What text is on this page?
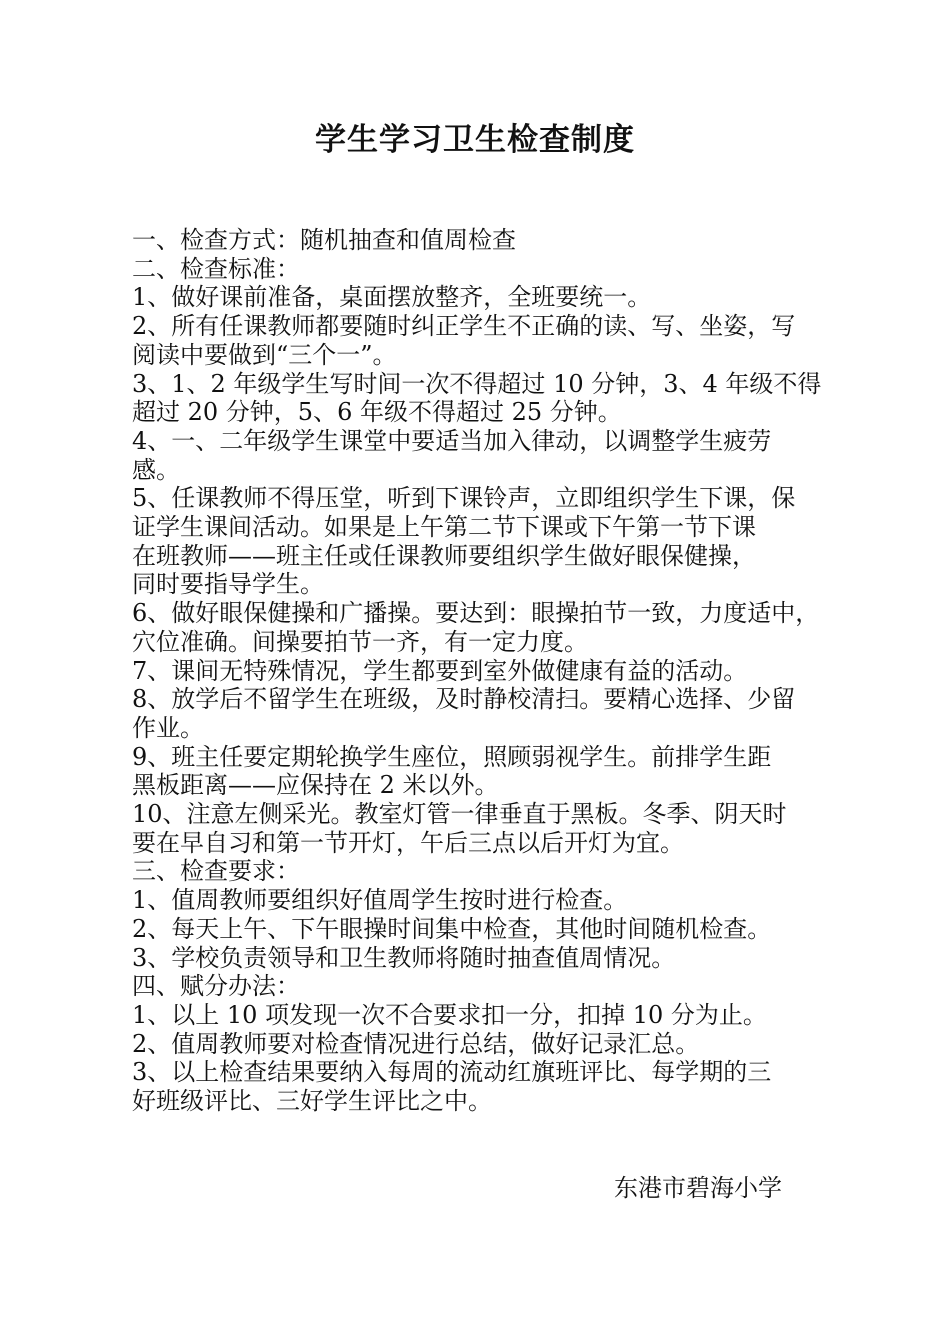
学生学习卫生检查制度
一、检查方式：随机抽查和值周检查
二、检查标准：
1、做好课前准备，桌面摆放整齐，全班要统一。
2、所有任课教师都要随时纠正学生不正确的读、写、坐姿，写
阅读中要做到“三个一”。
3、1、2 年级学生写时间一次不得超过 10 分钟，3、4 年级不得
超过 20 分钟，5、6 年级不得超过 25 分钟。
4、一、二年级学生课堂中要适当加入律动，以调整学生疲劳
感。
5、任课教师不得压堂，听到下课铃声，立即组织学生下课，保
证学生课间活动。如果是上午第二节下课或下午第一节下课
在班教师——班主任或任课教师要组织学生做好眼保健操，
同时要指导学生。
6、做好眼保健操和广播操。要达到：眼操拍节一致，力度适中，
穴位准确。间操要拍节一齐，有一定力度。
7、课间无特殊情况，学生都要到室外做健康有益的活动。
8、放学后不留学生在班级，及时静校清扫。要精心选择、少留
作业。
9、班主任要定期轮换学生座位，照顾弱视学生。前排学生距
黑板距离——应保持在 2 米以外。
10、注意左侧采光。教室灯管一律垂直于黑板。冬季、阴天时
要在早自习和第一节开灯，午后三点以后开灯为宜。
三、检查要求：
1、值周教师要组织好值周学生按时进行检查。
2、每天上午、下午眼操时间集中检查，其他时间随机检查。
3、学校负责领导和卫生教师将随时抽查值周情况。
四、赋分办法：
1、以上 10 项发现一次不合要求扣一分，扣掉 10 分为止。
2、值周教师要对检查情况进行总结，做好记录汇总。
3、以上检查结果要纳入每周的流动红旗班评比、每学期的三
好班级评比、三好学生评比之中。
东港市碧海小学
